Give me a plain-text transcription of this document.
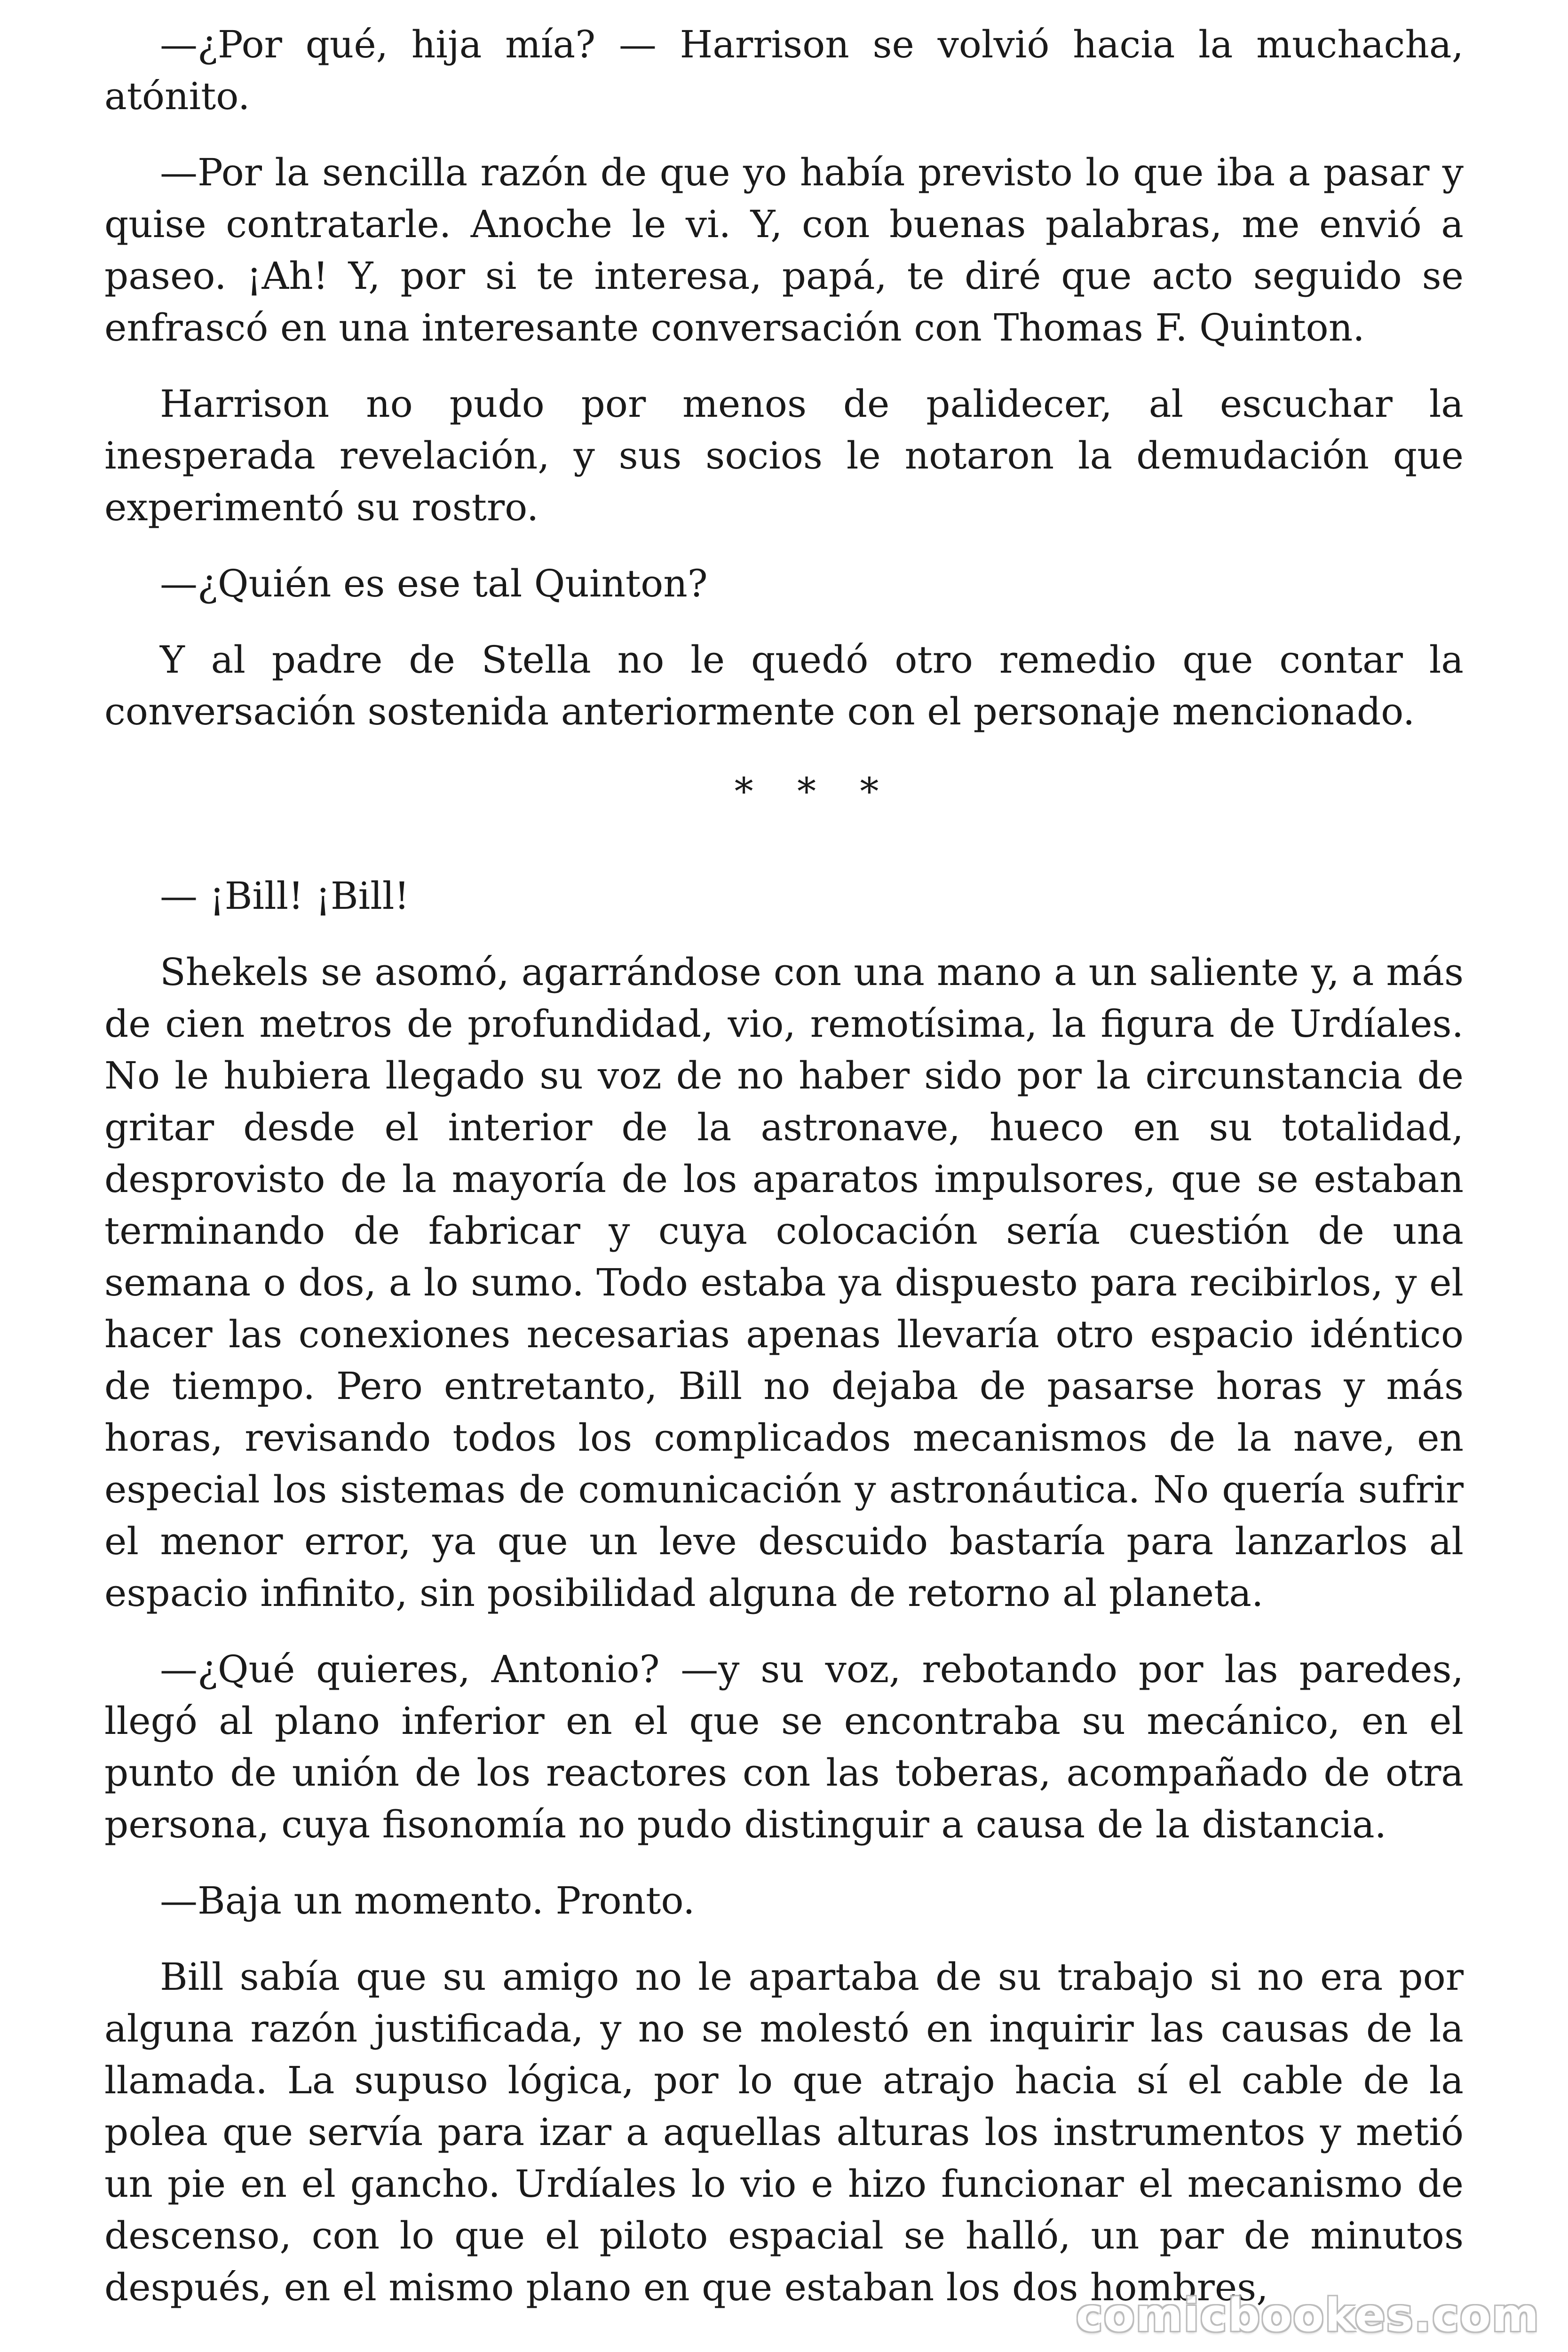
—¿Por qué, hija mía? — Harrison se volvió hacia la muchacha, atónito.

—Por la sencilla razón de que yo había previsto lo que iba a pasar y quise contratarle. Anoche le vi. Y, con buenas palabras, me envió a paseo. ¡Ah! Y, por si te interesa, papá, te diré que acto seguido se enfrascó en una interesante conversación con Thomas F. Quinton.

Harrison no pudo por menos de palidecer, al escuchar la inesperada revelación, y sus socios le notaron la demudación que experimentó su rostro.

—¿Quién es ese tal Quinton?

Y al padre de Stella no le quedó otro remedio que contar la conversación sostenida anteriormente con el personaje mencionado.

* * *

— ¡Bill! ¡Bill!

Shekels se asomó, agarrándose con una mano a un saliente y, a más de cien metros de profundidad, vio, remotísima, la figura de Urdíales. No le hubiera llegado su voz de no haber sido por la circunstancia de gritar desde el interior de la astronave, hueco en su totalidad, desprovisto de la mayoría de los aparatos impulsores, que se estaban terminando de fabricar y cuya colocación sería cuestión de una semana o dos, a lo sumo. Todo estaba ya dispuesto para recibirlos, y el hacer las conexiones necesarias apenas llevaría otro espacio idéntico de tiempo. Pero entretanto, Bill no dejaba de pasarse horas y más horas, revisando todos los complicados mecanismos de la nave, en especial los sistemas de comunicación y astronáutica. No quería sufrir el menor error, ya que un leve descuido bastaría para lanzarlos al espacio infinito, sin posibilidad alguna de retorno al planeta.

—¿Qué quieres, Antonio? —y su voz, rebotando por las paredes, llegó al plano inferior en el que se encontraba su mecánico, en el punto de unión de los reactores con las toberas, acompañado de otra persona, cuya fisonomía no pudo distinguir a causa de la distancia.

—Baja un momento. Pronto.

Bill sabía que su amigo no le apartaba de su trabajo si no era por alguna razón justificada, y no se molestó en inquirir las causas de la llamada. La supuso lógica, por lo que atrajo hacia sí el cable de la polea que servía para izar a aquellas alturas los instrumentos y metió un pie en el gancho. Urdíales lo vio e hizo funcionar el mecanismo de descenso, con lo que el piloto espacial se halló, un par de minutos después, en el mismo plano en que estaban los dos hombres,

comicbookes.com
